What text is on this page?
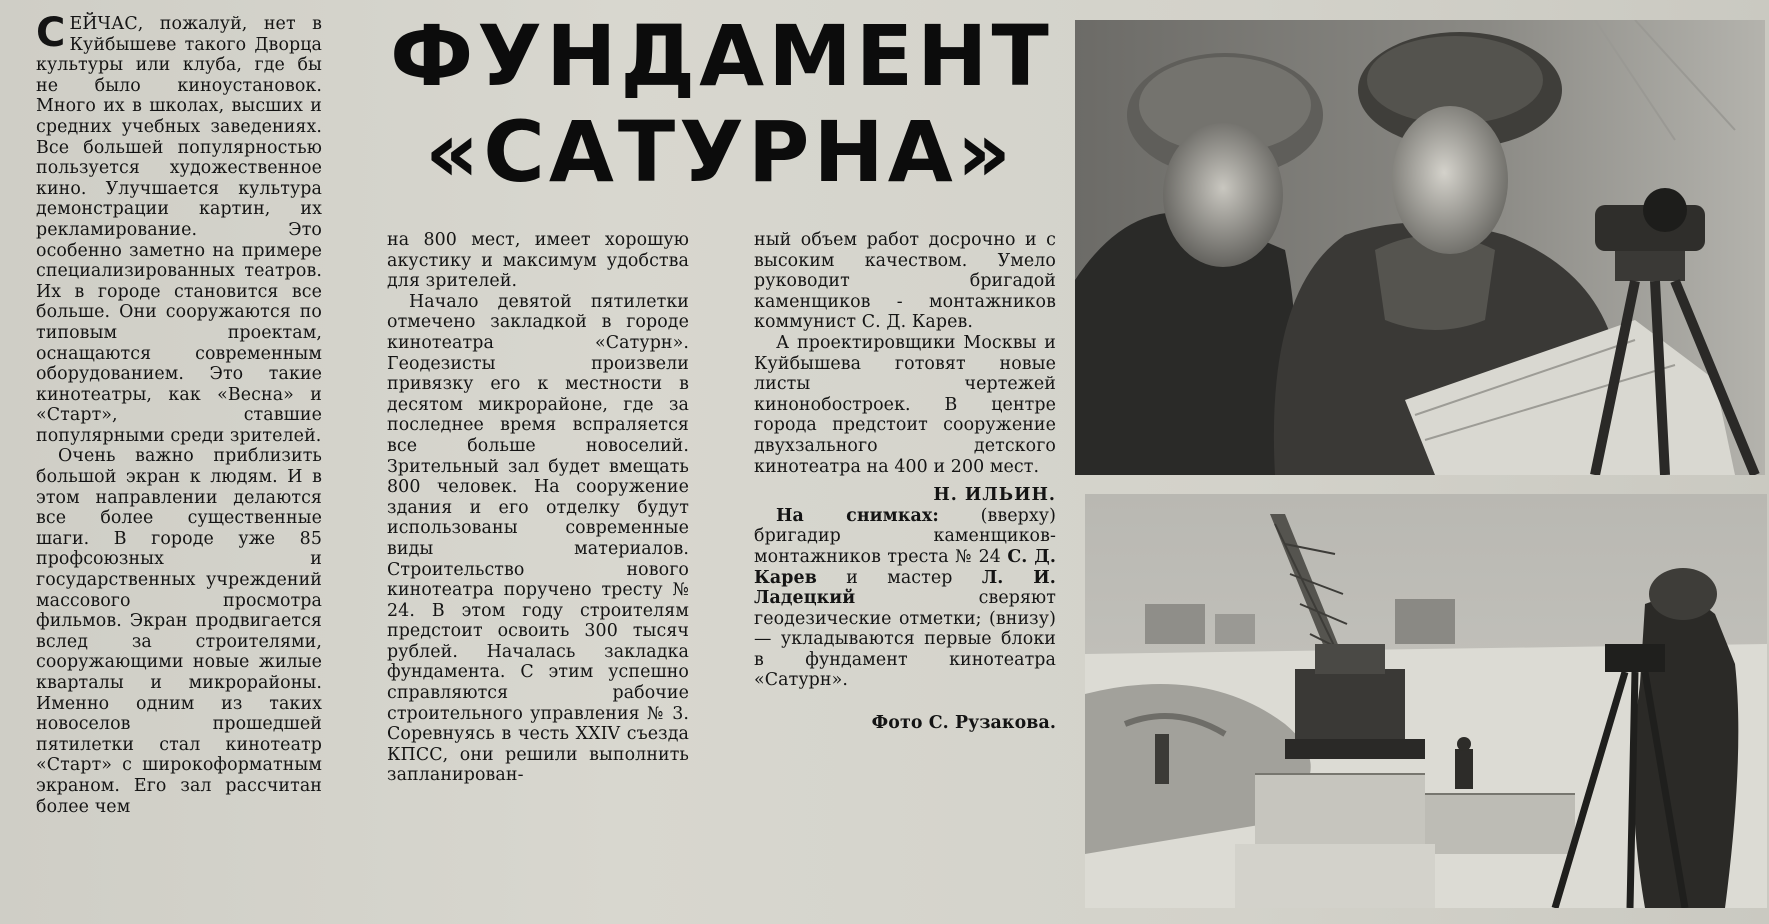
СЕЙЧАС, пожалуй, нет в Куйбышеве такого Дворца культуры или клуба, где бы не было киноустановок. Много их в школах, высших и средних учебных заведениях. Все большей популярностью пользуется художественное кино. Улучшается культура демонстрации картин, их рекламирование. Это особенно заметно на примере специализированных театров. Их в городе становится все больше. Они сооружаются по типовым проектам, оснащаются современным оборудованием. Это такие кинотеатры, как «Весна» и «Старт», ставшие популярными среди зрителей.

Очень важно приблизить большой экран к людям. И в этом направлении делаются все более существенные шаги. В городе уже 85 профсоюзных и государственных учреждений массового просмотра фильмов. Экран продвигается вслед за строителями, сооружающими новые жилые кварталы и микрорайоны. Именно одним из таких новоселов прошедшей пятилетки стал кинотеатр «Старт» с широкоформатным экраном. Его зал рассчитан более чем

ФУНДАМЕНТ
«САТУРНА»

на 800 мест, имеет хорошую акустику и максимум удобства для зрителей.

Начало девятой пятилетки отмечено закладкой в городе кинотеатра «Сатурн». Геодезисты произвели привязку его к местности в десятом микрорайоне, где за последнее время вспраляется все больше новоселий. Зрительный зал будет вмещать 800 человек. На сооружение здания и его отделку будут использованы современные виды материалов. Строительство нового кинотеатра поручено тресту № 24. В этом году строителям предстоит освоить 300 тысяч рублей. Началась закладка фундамента. С этим успешно справляются рабочие строительного управления № 3. Соревнуясь в честь XXIV съезда КПСС, они решили выполнить запланирован-

ный объем работ досрочно и с высоким качеством. Умело руководит бригадой каменщиков - монтажников коммунист С. Д. Карев.

А проектировщики Москвы и Куйбышева готовят новые листы чертежей кинонобостроек. В центре города предстоит сооружение двухзального детского кинотеатра на 400 и 200 мест.

Н. ИЛЬИН.

На снимках: (вверху) бригадир каменщиков-монтажников треста № 24 С. Д. Карев и мастер Л. И. Ладецкий	сверяют геодезические отметки; (внизу) — укладываются первые блоки в фундамент кинотеатра «Сатурн».

Фото С. Рузакова.
